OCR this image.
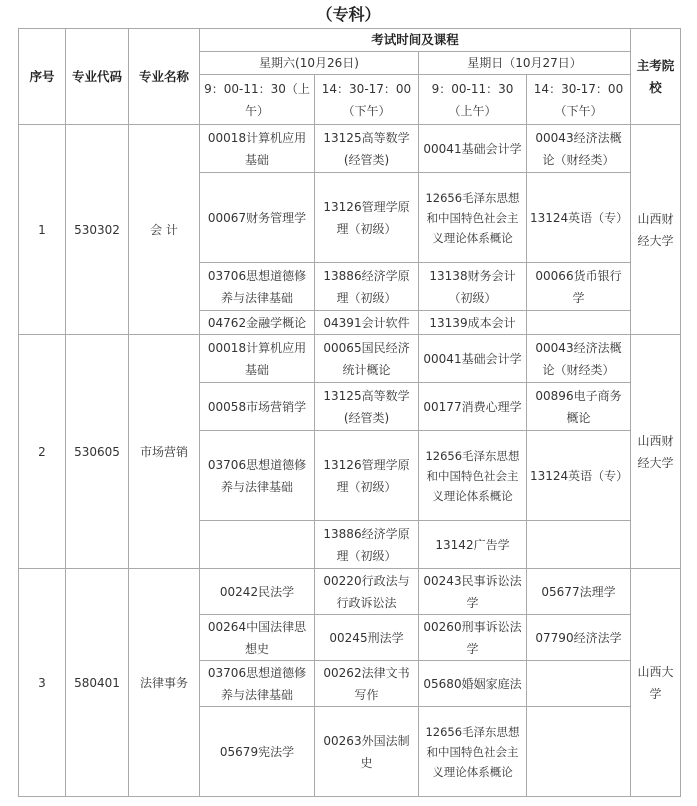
（专科）
序号	专业代码	专业名称	考试时间及课程				主考院校
			星期六(10月26日)		星期日（10月27日）		
			9：00-11：30（上午）	14：30-17：00（下午）	9：00-11：30（上午）	14：30-17：00（下午）	
1	530302	会 计	00018计算机应用基础	13125高等数学(经管类)	00041基础会计学	00043经济法概论（财经类）	山西财经大学
			00067财务管理学	13126管理学原理（初级）	12656毛泽东思想和中国特色社会主义理论体系概论	13124英语（专）	
			03706思想道德修养与法律基础	13886经济学原理（初级）	13138财务会计（初级）	00066货币银行学	
			04762金融学概论	04391会计软件	13139成本会计		
2	530605	市场营销	00018计算机应用基础	00065国民经济统计概论	00041基础会计学	00043经济法概论（财经类）	山西财经大学
			00058市场营销学	13125高等数学(经管类)	00177消费心理学	00896电子商务概论	
			03706思想道德修养与法律基础	13126管理学原理（初级）	12656毛泽东思想和中国特色社会主义理论体系概论	13124英语（专）	
				13886经济学原理（初级）	13142广告学		
3	580401	法律事务	00242民法学	00220行政法与行政诉讼法	00243民事诉讼法学	05677法理学	山西大学
			00264中国法律思想史	00245刑法学	00260刑事诉讼法学	07790经济法学	
			03706思想道德修养与法律基础	00262法律文书写作	05680婚姻家庭法		
			05679宪法学	00263外国法制史	12656毛泽东思想和中国特色社会主义理论体系概论		
